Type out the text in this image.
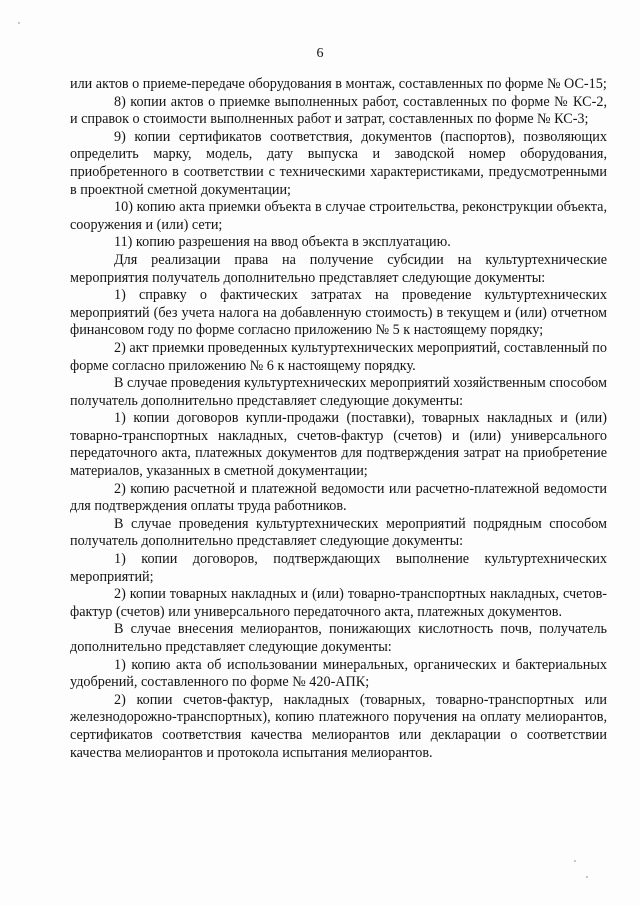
6

или актов о приеме-передаче оборудования в монтаж, составленных по форме № ОС-15;

8) копии актов о приемке выполненных работ, составленных по форме № КС-2, и справок о стоимости выполненных работ и затрат, составленных по форме № КС-3;

9) копии сертификатов соответствия, документов (паспортов), позволяющих определить марку, модель, дату выпуска и заводской номер оборудования, приобретенного в соответствии с техническими характеристиками, предусмотренными в проектной сметной документации;

10) копию акта приемки объекта в случае строительства, реконструкции объекта, сооружения и (или) сети;

11) копию разрешения на ввод объекта в эксплуатацию.

Для реализации права на получение субсидии на культуртехнические мероприятия получатель дополнительно представляет следующие документы:

1) справку о фактических затратах на проведение культуртехнических мероприятий (без учета налога на добавленную стоимость) в текущем и (или) отчетном финансовом году по форме согласно приложению № 5 к настоящему порядку;

2) акт приемки проведенных культуртехнических мероприятий, составленный по форме согласно приложению № 6 к настоящему порядку.

В случае проведения культуртехнических мероприятий хозяйственным способом получатель дополнительно представляет следующие документы:

1) копии договоров купли-продажи (поставки), товарных накладных и (или) товарно-транспортных накладных, счетов-фактур (счетов) и (или) универсального передаточного акта, платежных документов для подтверждения затрат на приобретение материалов, указанных в сметной документации;

2) копию расчетной и платежной ведомости или расчетно-платежной ведомости для подтверждения оплаты труда работников.

В случае проведения культуртехнических мероприятий подрядным способом получатель дополнительно представляет следующие документы:

1) копии договоров, подтверждающих выполнение культуртехнических мероприятий;

2) копии товарных накладных и (или) товарно-транспортных накладных, счетов-фактур (счетов) или универсального передаточного акта, платежных документов.

В случае внесения мелиорантов, понижающих кислотность почв, получатель дополнительно представляет следующие документы:

1) копию акта об использовании минеральных, органических и бактериальных удобрений, составленного по форме № 420-АПК;

2) копии счетов-фактур, накладных (товарных, товарно-транспортных или железнодорожно-транспортных), копию платежного поручения на оплату мелиорантов, сертификатов соответствия качества мелиорантов или декларации о соответствии качества мелиорантов и протокола испытания мелиорантов.
